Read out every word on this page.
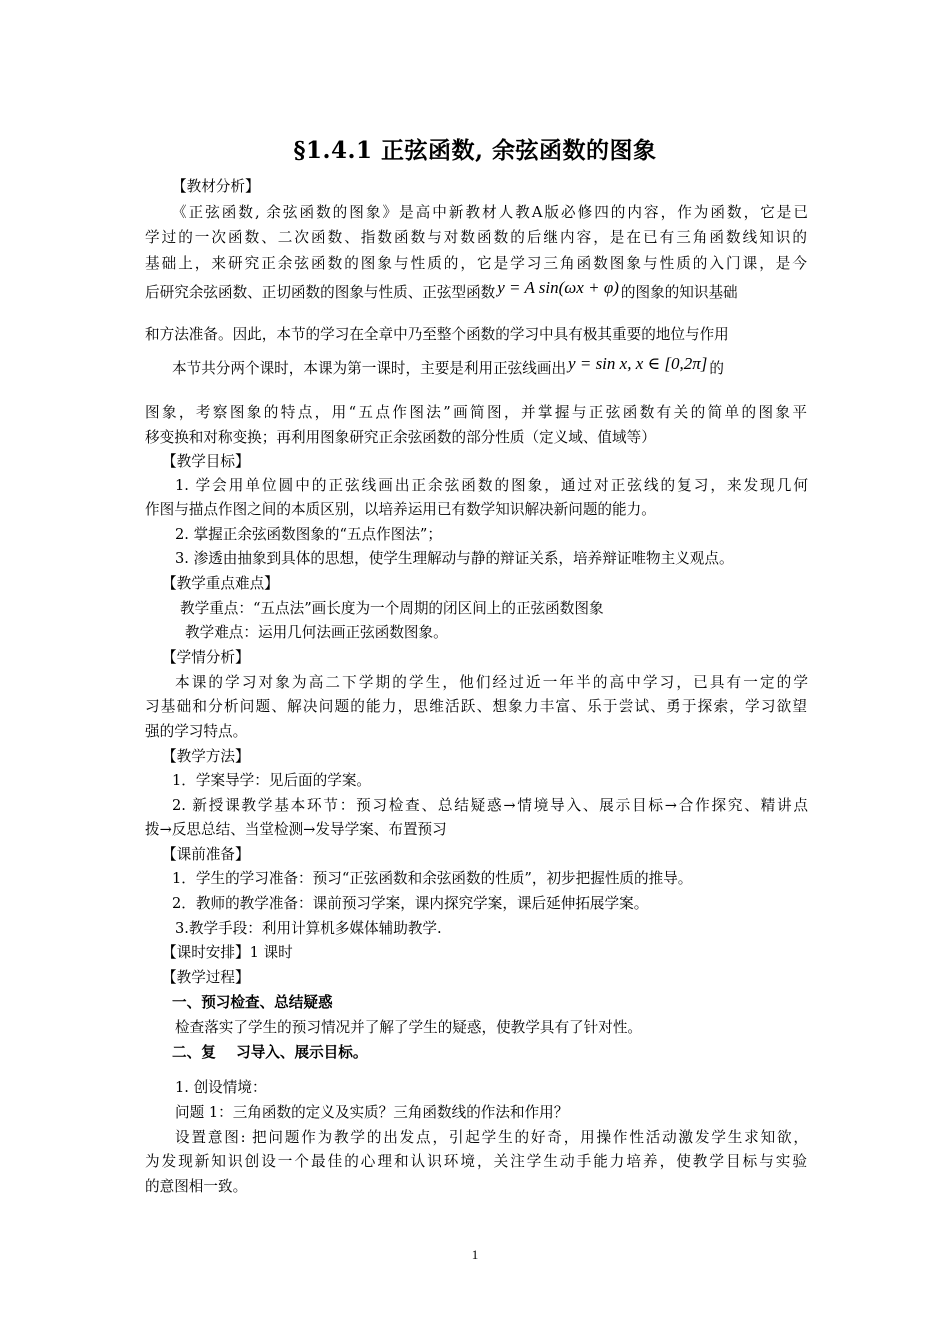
§1.4.1 正弦函数, 余弦函数的图象
【教材分析】
《正弦函数, 余弦函数的图象》是高中新教材人教A版必修四的内容，作为函数，它是已
学过的一次函数、二次函数、指数函数与对数函数的后继内容，是在已有三角函数线知识的
基础上，来研究正余弦函数的图象与性质的，它是学习三角函数图象与性质的入门课，是今
后研究余弦函数、正切函数的图象与性质、正弦型函数 y = A sin(ωx + φ) 的图象的知识基础
和方法准备。因此，本节的学习在全章中乃至整个函数的学习中具有极其重要的地位与作用
本节共分两个课时，本课为第一课时，主要是利用正弦线画出 y = sin x, x ∈ [0,2π] 的
图象，考察图象的特点，用“五点作图法”画简图，并掌握与正弦函数有关的简单的图象平
移变换和对称变换；再利用图象研究正余弦函数的部分性质（定义域、值域等）
【教学目标】
1. 学会用单位圆中的正弦线画出正余弦函数的图象，通过对正弦线的复习，来发现几何
作图与描点作图之间的本质区别，以培养运用已有数学知识解决新问题的能力。
2. 掌握正余弦函数图象的“五点作图法”；
3. 渗透由抽象到具体的思想，使学生理解动与静的辩证关系，培养辩证唯物主义观点。
【教学重点难点】
教学重点：“五点法”画长度为一个周期的闭区间上的正弦函数图象
教学难点：运用几何法画正弦函数图象。
【学情分析】
本课的学习对象为高二下学期的学生，他们经过近一年半的高中学习，已具有一定的学
习基础和分析问题、解决问题的能力，思维活跃、想象力丰富、乐于尝试、勇于探索，学习欲望
强的学习特点。
【教学方法】
1．学案导学：见后面的学案。
2. 新授课教学基本环节：预习检查、总结疑惑→情境导入、展示目标→合作探究、精讲点
拨→反思总结、当堂检测→发导学案、布置预习
【课前准备】
1．学生的学习准备：预习“正弦函数和余弦函数的性质”，初步把握性质的推导。
2．教师的教学准备：课前预习学案，课内探究学案，课后延伸拓展学案。
3.教学手段：利用计算机多媒体辅助教学.
【课时安排】1 课时
【教学过程】
一、预习检查、总结疑惑
检查落实了学生的预习情况并了解了学生的疑惑，使教学具有了针对性。
二、复    习导入、展示目标。
1. 创设情境：
问题 1：三角函数的定义及实质？三角函数线的作法和作用？
设置意图: 把问题作为教学的出发点，引起学生的好奇，用操作性活动激发学生求知欲，
为发现新知识创设一个最佳的心理和认识环境，关注学生动手能力培养，使教学目标与实验
的意图相一致。
1
